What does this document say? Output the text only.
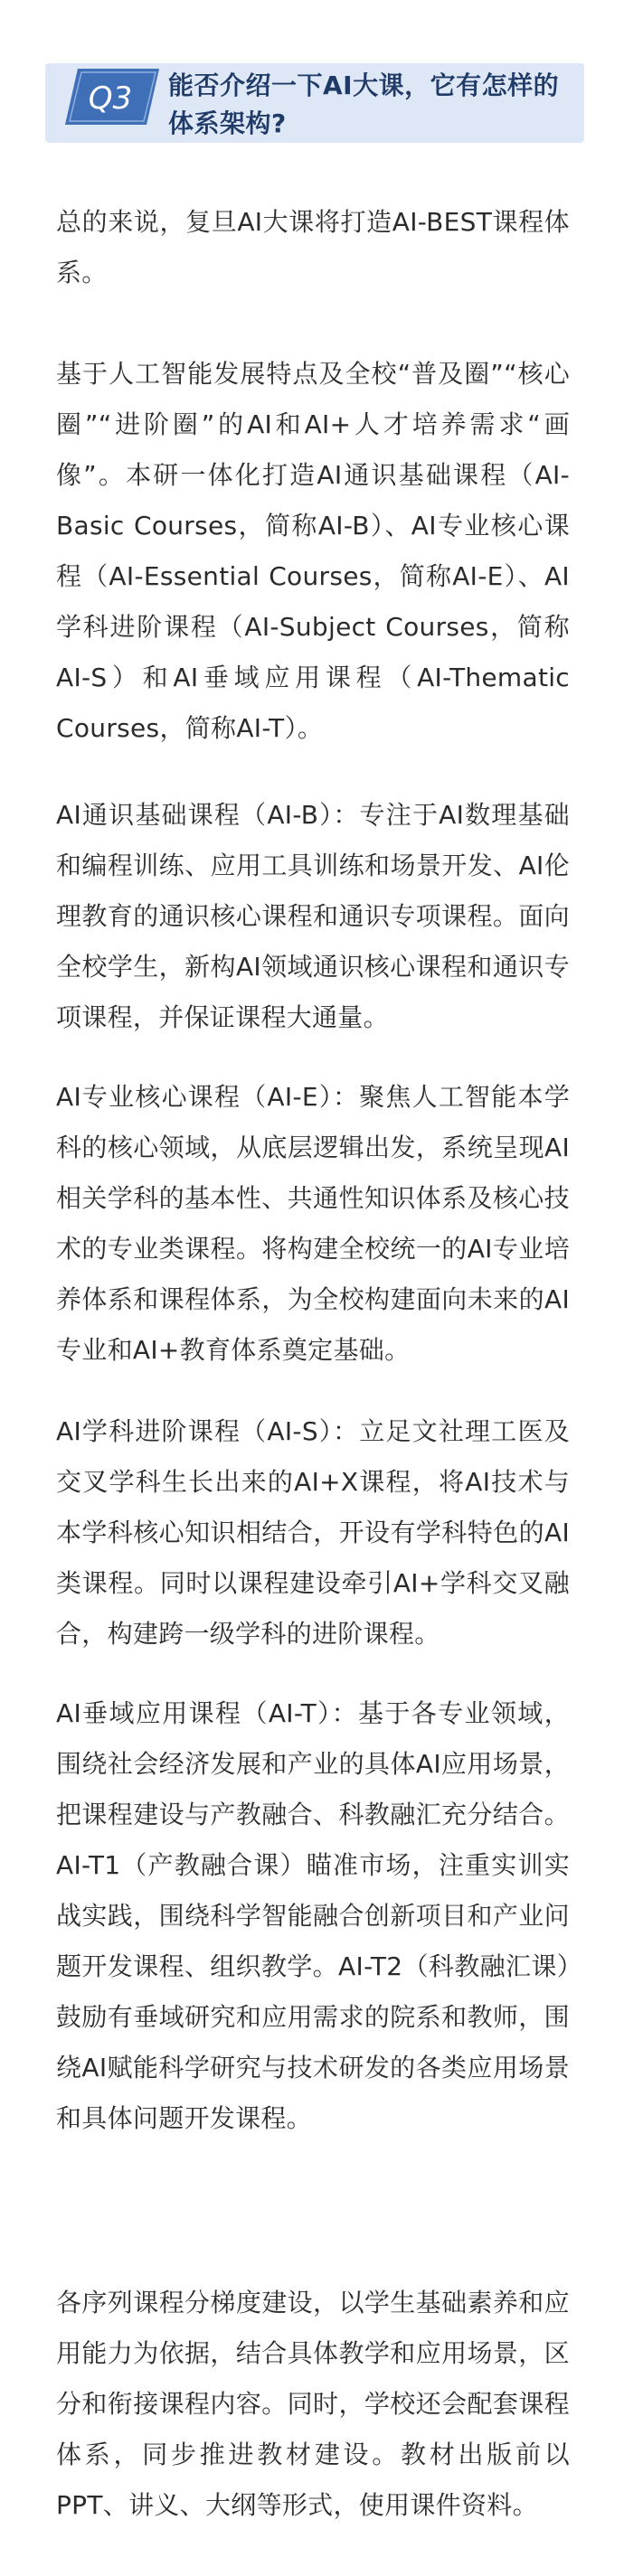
Q3 能否介绍一下AI大课，它有怎样的体系架构?

总的来说，复旦AI大课将打造AI-BEST课程体系。

基于人工智能发展特点及全校“普及圈”“核心圈”“进阶圈”的AI和AI+人才培养需求“画像”。本研一体化打造AI通识基础课程（AI-Basic Courses，简称AI-B）、AI专业核心课程（AI-Essential Courses，简称AI-E）、AI学科进阶课程（AI-Subject Courses，简称AI-S）和AI垂域应用课程（AI-Thematic Courses，简称AI-T）。

AI通识基础课程（AI-B）：专注于AI数理基础和编程训练、应用工具训练和场景开发、AI伦理教育的通识核心课程和通识专项课程。面向全校学生，新构AI领域通识核心课程和通识专项课程，并保证课程大通量。

AI专业核心课程（AI-E）：聚焦人工智能本学科的核心领域，从底层逻辑出发，系统呈现AI相关学科的基本性、共通性知识体系及核心技术的专业类课程。将构建全校统一的AI专业培养体系和课程体系，为全校构建面向未来的AI专业和AI+教育体系奠定基础。

AI学科进阶课程（AI-S）：立足文社理工医及交叉学科生长出来的AI+X课程，将AI技术与本学科核心知识相结合，开设有学科特色的AI类课程。同时以课程建设牵引AI+学科交叉融合，构建跨一级学科的进阶课程。

AI垂域应用课程（AI-T）：基于各专业领域，围绕社会经济发展和产业的具体AI应用场景，把课程建设与产教融合、科教融汇充分结合。AI-T1（产教融合课）瞄准市场，注重实训实战实践，围绕科学智能融合创新项目和产业问题开发课程、组织教学。AI-T2（科教融汇课）鼓励有垂域研究和应用需求的院系和教师，围绕AI赋能科学研究与技术研发的各类应用场景和具体问题开发课程。

各序列课程分梯度建设，以学生基础素养和应用能力为依据，结合具体教学和应用场景，区分和衔接课程内容。同时，学校还会配套课程体系，同步推进教材建设。教材出版前以PPT、讲义、大纲等形式，使用课件资料。
